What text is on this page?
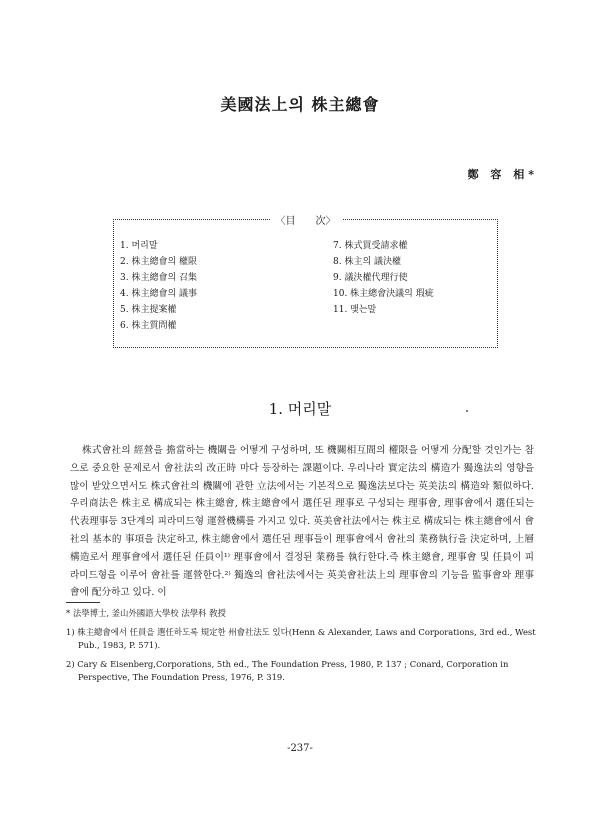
美國法上의 株主總會
鄭 容 相*
〈目　　次〉
1. 머리말
2. 株主總會의 權限
3. 株主總會의 召集
4. 株主總會의 議事
5. 株主提案權
6. 株主質問權
7. 株式買受請求權
8. 株主의 議決權
9. 議決權代理行使
10. 株主總會決議의 瑕疵
11. 맺는말
1. 머리말

株式會社의 經營을 擔當하는 機關을 어떻게 구성하며, 또 機關相互間의 權限을 어떻게 分配할 것인가는 참으로 중요한 문제로서 會社法의 改正時 마다 등장하는 課題이다. 우리나라 實定法의 構造가 獨逸法의 영향을 많이 받았으면서도 株式會社의 機關에 관한 立法에서는 기본적으로 獨逸法보다는 英美法의 構造와 類似하다. 우리商法은 株主로 構成되는 株主總會, 株主總會에서 選任된 理事로 구성되는 理事會, 理事會에서 選任되는 代表理事등 3단계의 피라미드형 運營機構를 가지고 있다. 英美會社法에서는 株主로 構成되는 株主總會에서 會社의 基本的 事項을 決定하고, 株主總會에서 選任된 理事들이 理事會에서 會社의 業務執行을 決定하며, 上層構造로서 理事會에서 選任된 任員이¹⁾ 理事會에서 결정된 業務를 執行한다.즉 株主總會, 理事會 및 任員이 피라미드형을 이루어 會社를 運營한다.²⁾ 獨逸의 會社法에서는 英美會社法上의 理事會의 기능을 監事會와 理事會에 配分하고 있다. 이

* 法學博士, 釜山外國語大學校 法學科 敎授
1) 株主總會에서 任員을 選任하도록 規定한 州會社法도 있다(Henn & Alexander, Laws and Corporations, 3rd ed., West Pub., 1983, P. 571).
2) Cary & Eisenberg,Corporations, 5th ed., The Foundation Press, 1980, P. 137 ; Conard, Corporation in Perspective, The Foundation Press, 1976, P. 319.
-237-
